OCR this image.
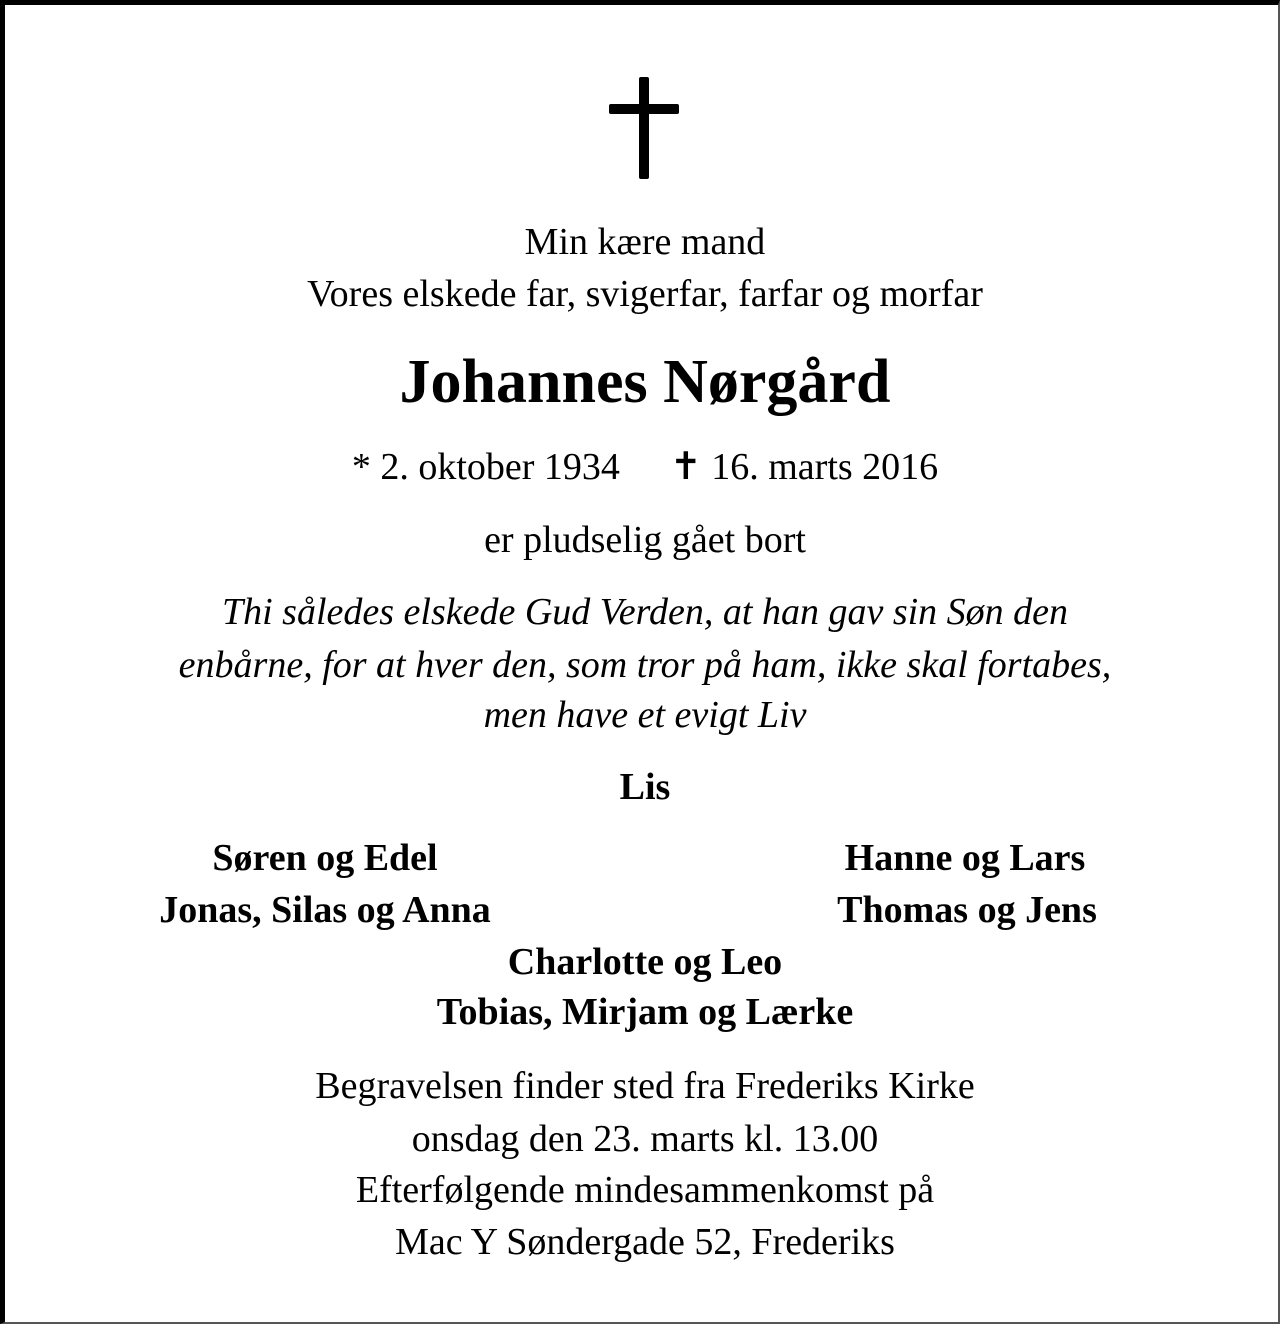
Min kære mand
Vores elskede far, svigerfar, farfar og morfar
Johannes Nørgård
* 2. oktober 1934 ✝ 16. marts 2016
er pludselig gået bort
Thi således elskede Gud Verden, at han gav sin Søn den
enbårne, for at hver den, som tror på ham, ikke skal fortabes,
men have et evigt Liv
Lis
Søren og Edel
Jonas, Silas og Anna
Hanne og Lars
Thomas og Jens
Charlotte og Leo
Tobias, Mirjam og Lærke
Begravelsen finder sted fra Frederiks Kirke
onsdag den 23. marts kl. 13.00
Efterfølgende mindesammenkomst på
Mac Y Søndergade 52, Frederiks
